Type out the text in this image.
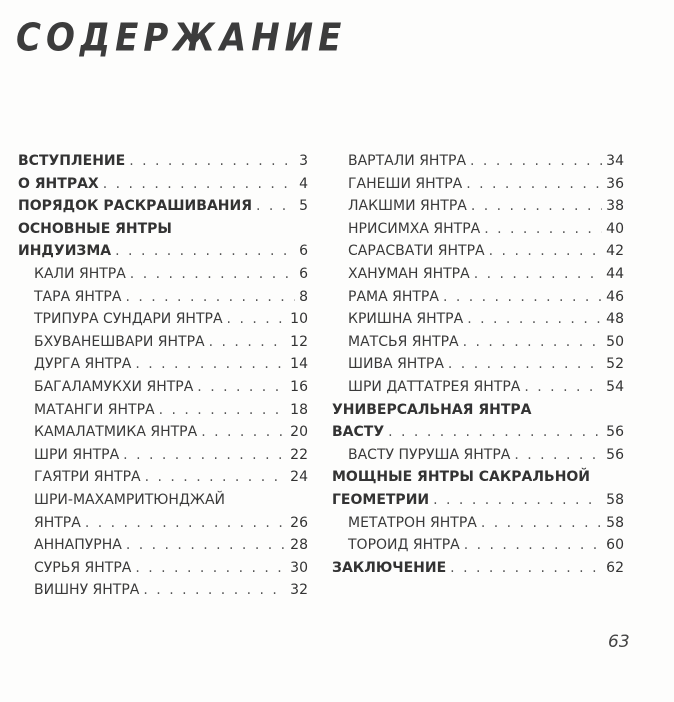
СОДЕРЖАНИЕ
ВСТУПЛЕНИЕ . . .	3
О ЯНТРАХ . . .	4
ПОРЯДОК РАСКРАШИВАНИЯ . . .	5
ОСНОВНЫЕ ЯНТРЫ
ИНДУИЗМА . . .	6
КАЛИ ЯНТРА . . .	6
ТАРА ЯНТРА . . .	8
ТРИПУРА СУНДАРИ ЯНТРА . . .	10
БХУВАНЕШВАРИ ЯНТРА . . .	12
ДУРГА ЯНТРА . . .	14
БАГАЛАМУКХИ ЯНТРА . . .	16
МАТАНГИ ЯНТРА . . .	18
КАМАЛАТМИКА ЯНТРА . . .	20
ШРИ ЯНТРА . . .	22
ГАЯТРИ ЯНТРА . . .	24
ШРИ-МАХАМРИТЮНДЖАЙ
ЯНТРА . . .	26
АННАПУРНА . . .	28
СУРЬЯ ЯНТРА . . .	30
ВИШНУ ЯНТРА . . .	32
ВАРТАЛИ ЯНТРА . . .	34
ГАНЕШИ ЯНТРА . . .	36
ЛАКШМИ ЯНТРА . . .	38
НРИСИМХА ЯНТРА . . .	40
САРАСВАТИ ЯНТРА . . .	42
ХАНУМАН ЯНТРА . . .	44
РАМА ЯНТРА . . .	46
КРИШНА ЯНТРА . . .	48
МАТСЬЯ ЯНТРА . . .	50
ШИВА ЯНТРА . . .	52
ШРИ ДАТТАТРЕЯ ЯНТРА . . .	54
УНИВЕРСАЛЬНАЯ ЯНТРА
ВАСТУ . . .	56
ВАСТУ ПУРУША ЯНТРА . . .	56
МОЩНЫЕ ЯНТРЫ САКРАЛЬНОЙ
ГЕОМЕТРИИ . . .	58
МЕТАТРОН ЯНТРА . . .	58
ТОРОИД ЯНТРА . . .	60
ЗАКЛЮЧЕНИЕ . . .	62
63
